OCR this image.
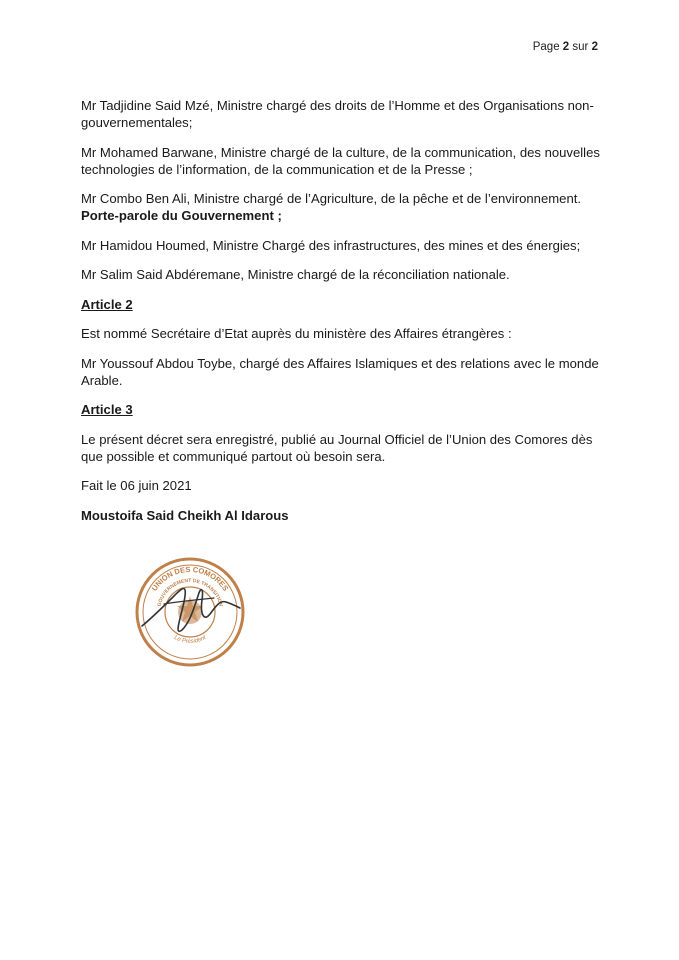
Page 2 sur 2

Mr Tadjidine Said Mzé, Ministre chargé des droits de l’Homme et des Organisations non-gouvernementales;

Mr Mohamed Barwane, Ministre chargé de la culture, de la communication, des nouvelles technologies de l’information, de la communication et de la Presse ;

Mr Combo Ben Ali, Ministre chargé de l’Agriculture, de la pêche et de l’environnement. Porte-parole du Gouvernement ;

Mr Hamidou Houmed, Ministre Chargé des infrastructures, des mines et des énergies;

Mr Salim Said Abdéremane, Ministre chargé de la réconciliation nationale.

Article 2

Est nommé Secrétaire d’Etat auprès du ministère des Affaires étrangères :

Mr Youssouf Abdou Toybe, chargé des Affaires Islamiques et des relations avec le monde Arable.

Article 3

Le présent décret sera enregistré, publié au Journal Officiel de l’Union des Comores dès que possible et communiqué partout où besoin sera.

Fait le 06 juin 2021

Moustoifa Said Cheikh Al Idarous

UNION DES COMORES
GOUVERNEMENT DE TRANSITION
Le Président
